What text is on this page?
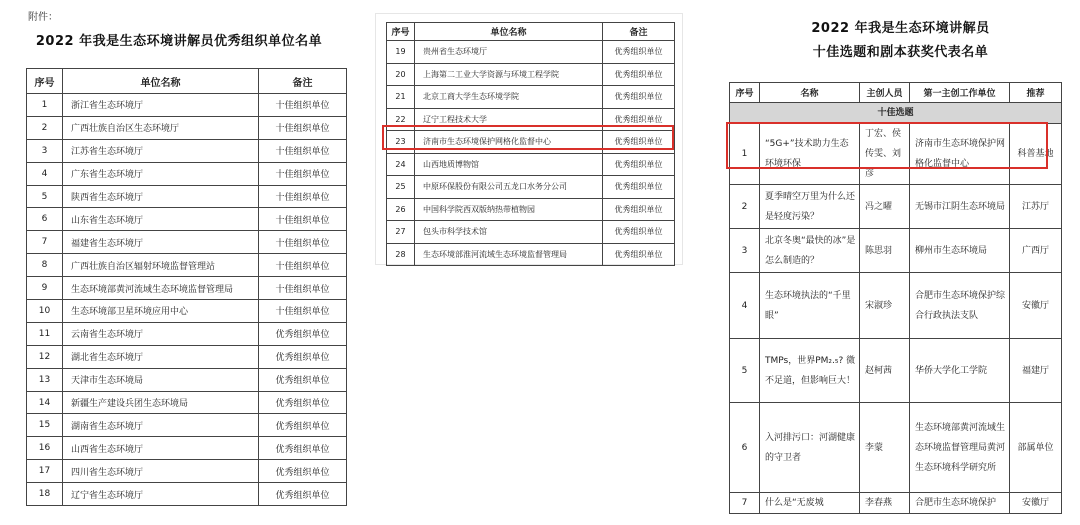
附件：
2022 年我是生态环境讲解员优秀组织单位名单
序号	单位名称	备注
1	浙江省生态环境厅	十佳组织单位
2	广西壮族自治区生态环境厅	十佳组织单位
3	江苏省生态环境厅	十佳组织单位
4	广东省生态环境厅	十佳组织单位
5	陕西省生态环境厅	十佳组织单位
6	山东省生态环境厅	十佳组织单位
7	福建省生态环境厅	十佳组织单位
8	广西壮族自治区辐射环境监督管理站	十佳组织单位
9	生态环境部黄河流域生态环境监督管理局	十佳组织单位
10	生态环境部卫星环境应用中心	十佳组织单位
11	云南省生态环境厅	优秀组织单位
12	湖北省生态环境厅	优秀组织单位
13	天津市生态环境局	优秀组织单位
14	新疆生产建设兵团生态环境局	优秀组织单位
15	湖南省生态环境厅	优秀组织单位
16	山西省生态环境厅	优秀组织单位
17	四川省生态环境厅	优秀组织单位
18	辽宁省生态环境厅	优秀组织单位
序号	单位名称	备注
19	贵州省生态环境厅	优秀组织单位
20	上海第二工业大学资源与环境工程学院	优秀组织单位
21	北京工商大学生态环境学院	优秀组织单位
22	辽宁工程技术大学	优秀组织单位
23	济南市生态环境保护网格化监督中心	优秀组织单位
24	山西地质博物馆	优秀组织单位
25	中原环保股份有限公司五龙口水务分公司	优秀组织单位
26	中国科学院西双版纳热带植物园	优秀组织单位
27	包头市科学技术馆	优秀组织单位
28	生态环境部淮河流域生态环境监督管理局	优秀组织单位
2022 年我是生态环境讲解员
十佳选题和剧本获奖代表名单
序号	名称	主创人员	第一主创工作单位	推荐
十佳选题				
1	“5G+”技术助力生态环境环保	丁宏、侯传雯、刘彦	济南市生态环境保护网格化监督中心	科普基地
2	夏季晴空万里为什么还是轻度污染？	冯之曜	无锡市江阴生态环境局	江苏厅
3	北京冬奥“最快的冰”是怎么制造的？	陈思羽	柳州市生态环境局	广西厅
4	生态环境执法的“千里眼”	宋淑珍	合肥市生态环境保护综合行政执法支队	安徽厅
5	TMPs，世界PM₂.₅? 微不足道，但影响巨大！	赵柯茜	华侨大学化工学院	福建厅
6	入河排污口：河湖健康的守卫者	李蒙	生态环境部黄河流域生态环境监督管理局黄河生态环境科学研究所	部属单位
7	什么是“无废城	李春燕	合肥市生态环境保护	安徽厅
